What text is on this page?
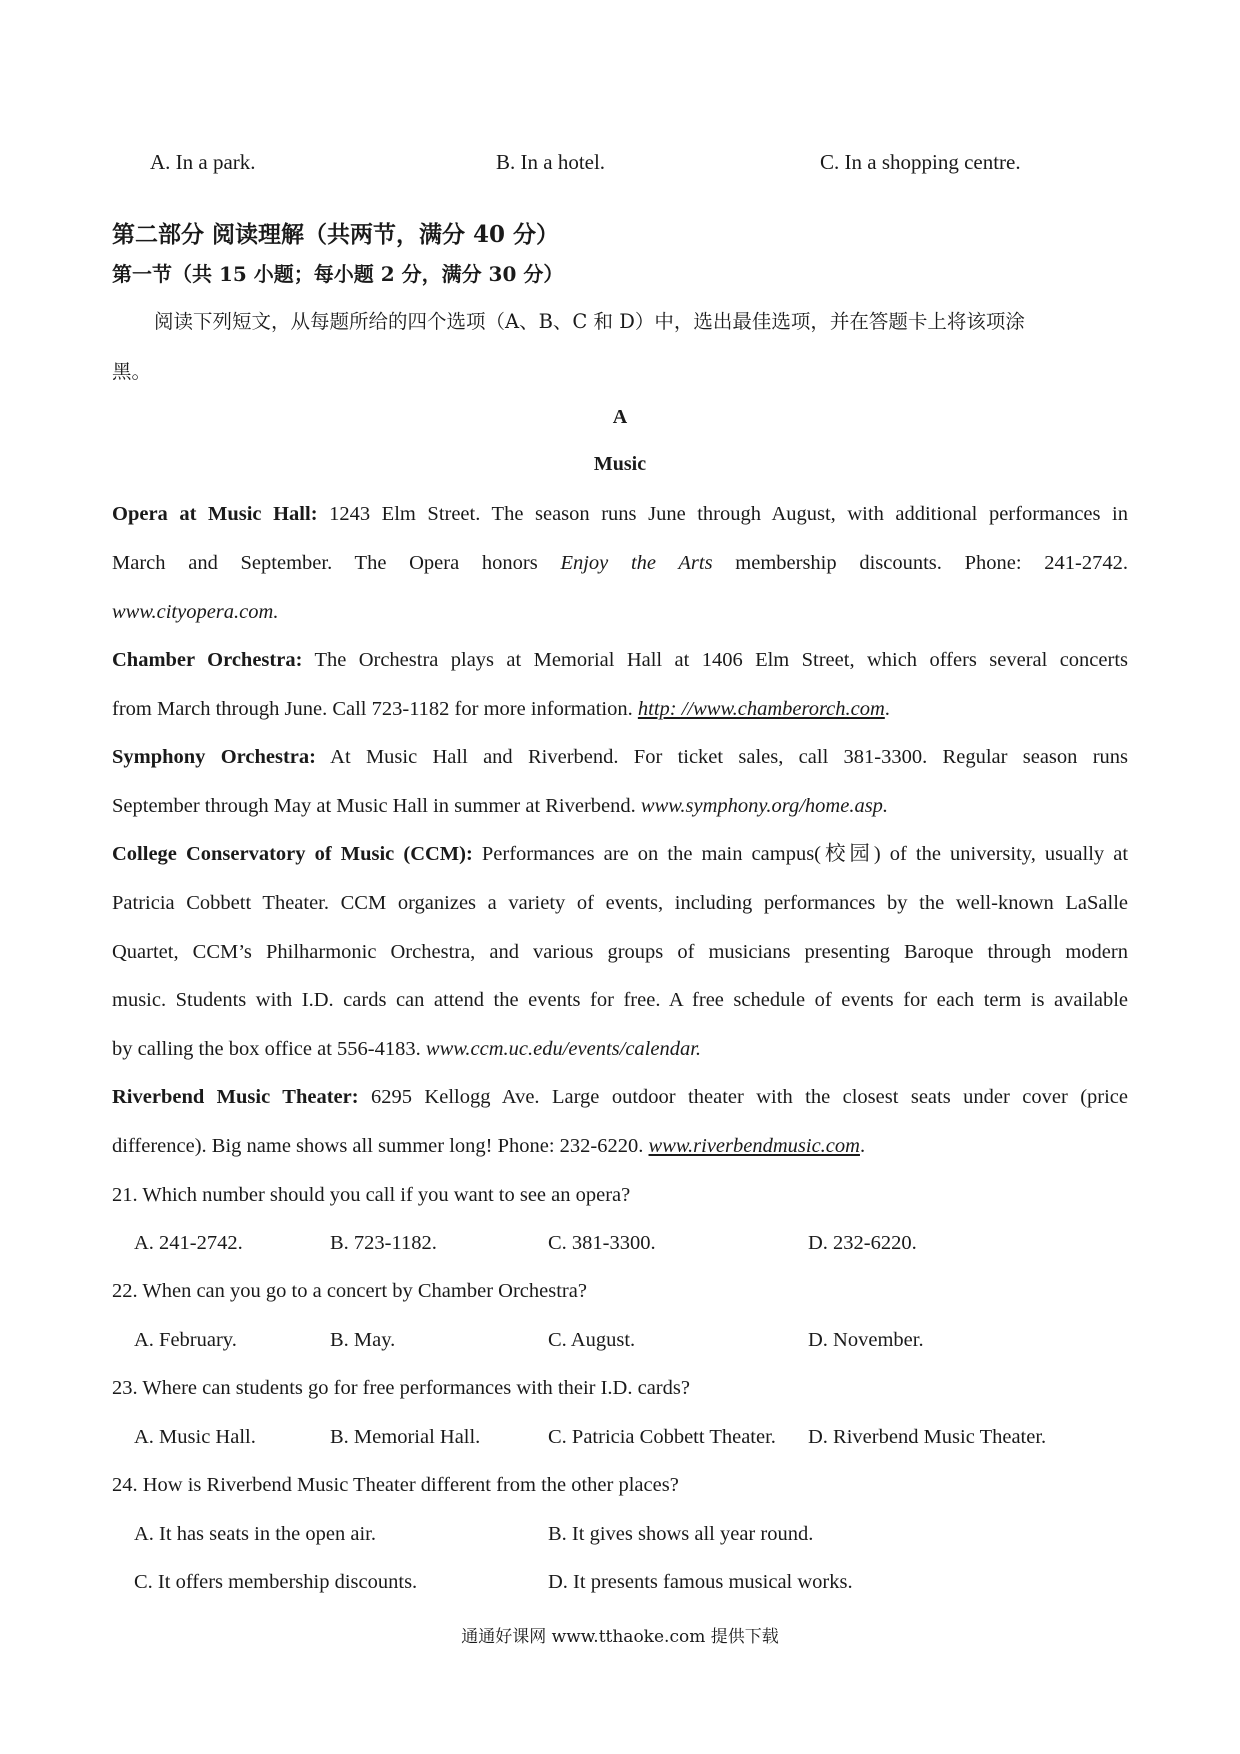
A. In a park.	B. In a hotel.	C. In a shopping centre.
第二部分 阅读理解（共两节，满分 40 分）
第一节（共 15 小题；每小题 2 分，满分 30 分）
阅读下列短文，从每题所给的四个选项（A、B、C 和 D）中，选出最佳选项，并在答题卡上将该项涂
黑。
A
Music
Opera at Music Hall: 1243 Elm Street. The season runs June through August, with additional performances in
March and September. The Opera honors Enjoy the Arts membership discounts. Phone: 241-2742.
www.cityopera.com.
Chamber Orchestra: The Orchestra plays at Memorial Hall at 1406 Elm Street, which offers several concerts
from March through June. Call 723-1182 for more information. http: //www.chamberorch.com.
Symphony Orchestra: At Music Hall and Riverbend. For ticket sales, call 381-3300. Regular season runs
September through May at Music Hall in summer at Riverbend. www.symphony.org/home.asp.
College Conservatory of Music (CCM): Performances are on the main campus(校园) of the university, usually at
Patricia Cobbett Theater. CCM organizes a variety of events, including performances by the well-known LaSalle
Quartet, CCM’s Philharmonic Orchestra, and various groups of musicians presenting Baroque through modern
music. Students with I.D. cards can attend the events for free. A free schedule of events for each term is available
by calling the box office at 556-4183. www.ccm.uc.edu/events/calendar.
Riverbend Music Theater: 6295 Kellogg Ave. Large outdoor theater with the closest seats under cover (price
difference). Big name shows all summer long! Phone: 232-6220. www.riverbendmusic.com.
21. Which number should you call if you want to see an opera?
A. 241-2742.	B. 723-1182.	C. 381-3300.	D. 232-6220.
22. When can you go to a concert by Chamber Orchestra?
A. February.	B. May.	C. August.	D. November.
23. Where can students go for free performances with their I.D. cards?
A. Music Hall.	B. Memorial Hall.	C. Patricia Cobbett Theater. D. Riverbend Music Theater.
24. How is Riverbend Music Theater different from the other places?
A. It has seats in the open air.	B. It gives shows all year round.
C. It offers membership discounts.	D. It presents famous musical works.
通通好课网 www.tthaoke.com 提供下载
